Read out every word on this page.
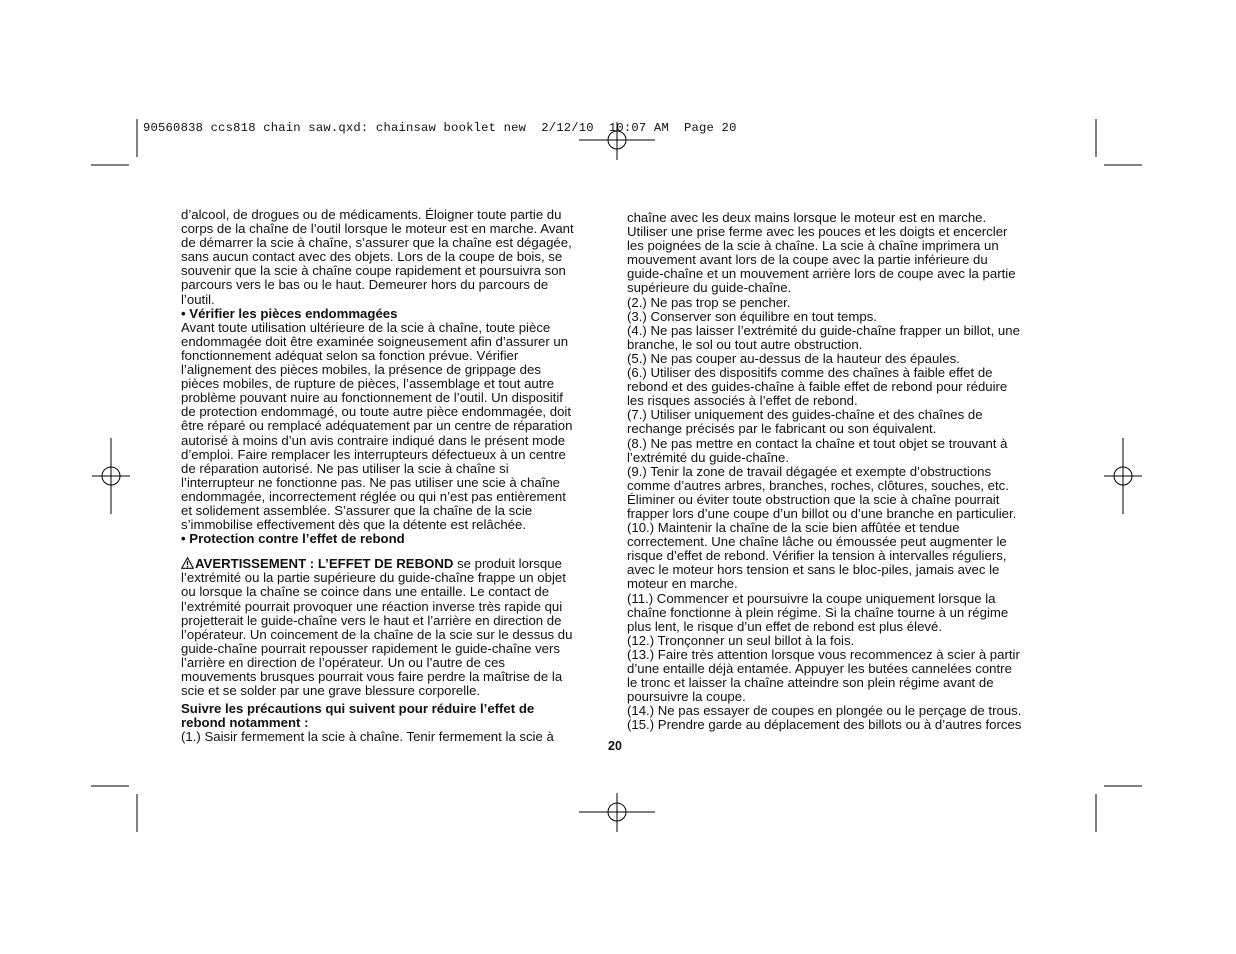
90560838 ccs818 chain saw.qxd: chainsaw booklet new  2/12/10  10:07 AM  Page 20
d’alcool, de drogues ou de médicaments. Éloigner toute partie du
corps de la chaîne de l’outil lorsque le moteur est en marche. Avant
de démarrer la scie à chaîne, s’assurer que la chaîne est dégagée,
sans aucun contact avec des objets. Lors de la coupe de bois, se
souvenir que la scie à chaîne coupe rapidement et poursuivra son
parcours vers le bas ou le haut. Demeurer hors du parcours de
l’outil.
• Vérifier les pièces endommagées
Avant toute utilisation ultérieure de la scie à chaîne, toute pièce
endommagée doit être examinée soigneusement afin d’assurer un
fonctionnement adéquat selon sa fonction prévue. Vérifier
l’alignement des pièces mobiles, la présence de grippage des
pièces mobiles, de rupture de pièces, l’assemblage et tout autre
problème pouvant nuire au fonctionnement de l’outil. Un dispositif
de protection endommagé, ou toute autre pièce endommagée, doit
être réparé ou remplacé adéquatement par un centre de réparation
autorisé à moins d’un avis contraire indiqué dans le présent mode
d’emploi. Faire remplacer les interrupteurs défectueux à un centre
de réparation autorisé. Ne pas utiliser la scie à chaîne si
l’interrupteur ne fonctionne pas. Ne pas utiliser une scie à chaîne
endommagée, incorrectement réglée ou qui n’est pas entièrement
et solidement assemblée. S’assurer que la chaîne de la scie
s’immobilise effectivement dès que la détente est relâchée.
• Protection contre l’effet de rebond
AVERTISSEMENT : L’EFFET DE REBOND se produit lorsque
l’extrémité ou la partie supérieure du guide-chaîne frappe un objet
ou lorsque la chaîne se coince dans une entaille. Le contact de
l’extrémité pourrait provoquer une réaction inverse très rapide qui
projetterait le guide-chaîne vers le haut et l’arrière en direction de
l’opérateur. Un coincement de la chaîne de la scie sur le dessus du
guide-chaîne pourrait repousser rapidement le guide-chaîne vers
l’arrière en direction de l’opérateur. Un ou l’autre de ces
mouvements brusques pourrait vous faire perdre la maîtrise de la
scie et se solder par une grave blessure corporelle.
Suivre les précautions qui suivent pour réduire l’effet de
rebond notamment :
(1.) Saisir fermement la scie à chaîne. Tenir fermement la scie à
chaîne avec les deux mains lorsque le moteur est en marche.
Utiliser une prise ferme avec les pouces et les doigts et encercler
les poignées de la scie à chaîne. La scie à chaîne imprimera un
mouvement avant lors de la coupe avec la partie inférieure du
guide-chaîne et un mouvement arrière lors de coupe avec la partie
supérieure du guide-chaîne.
(2.) Ne pas trop se pencher.
(3.) Conserver son équilibre en tout temps.
(4.) Ne pas laisser l’extrémité du guide-chaîne frapper un billot, une
branche, le sol ou tout autre obstruction.
(5.) Ne pas couper au-dessus de la hauteur des épaules.
(6.) Utiliser des dispositifs comme des chaînes à faible effet de
rebond et des guides-chaîne à faible effet de rebond pour réduire
les risques associés à l’effet de rebond.
(7.) Utiliser uniquement des guides-chaîne et des chaînes de
rechange précisés par le fabricant ou son équivalent.
(8.) Ne pas mettre en contact la chaîne et tout objet se trouvant à
l’extrémité du guide-chaîne.
(9.) Tenir la zone de travail dégagée et exempte d’obstructions
comme d’autres arbres, branches, roches, clôtures, souches, etc.
Éliminer ou éviter toute obstruction que la scie à chaîne pourrait
frapper lors d’une coupe d’un billot ou d’une branche en particulier.
(10.) Maintenir la chaîne de la scie bien affûtée et tendue
correctement. Une chaîne lâche ou émoussée peut augmenter le
risque d’effet de rebond. Vérifier la tension à intervalles réguliers,
avec le moteur hors tension et sans le bloc-piles, jamais avec le
moteur en marche.
(11.) Commencer et poursuivre la coupe uniquement lorsque la
chaîne fonctionne à plein régime. Si la chaîne tourne à un régime
plus lent, le risque d’un effet de rebond est plus élevé.
(12.) Tronçonner un seul billot à la fois.
(13.) Faire très attention lorsque vous recommencez à scier à partir
d’une entaille déjà entamée. Appuyer les butées cannelées contre
le tronc et laisser la chaîne atteindre son plein régime avant de
poursuivre la coupe.
(14.) Ne pas essayer de coupes en plongée ou le perçage de trous.
(15.) Prendre garde au déplacement des billots ou à d’autres forces
20
